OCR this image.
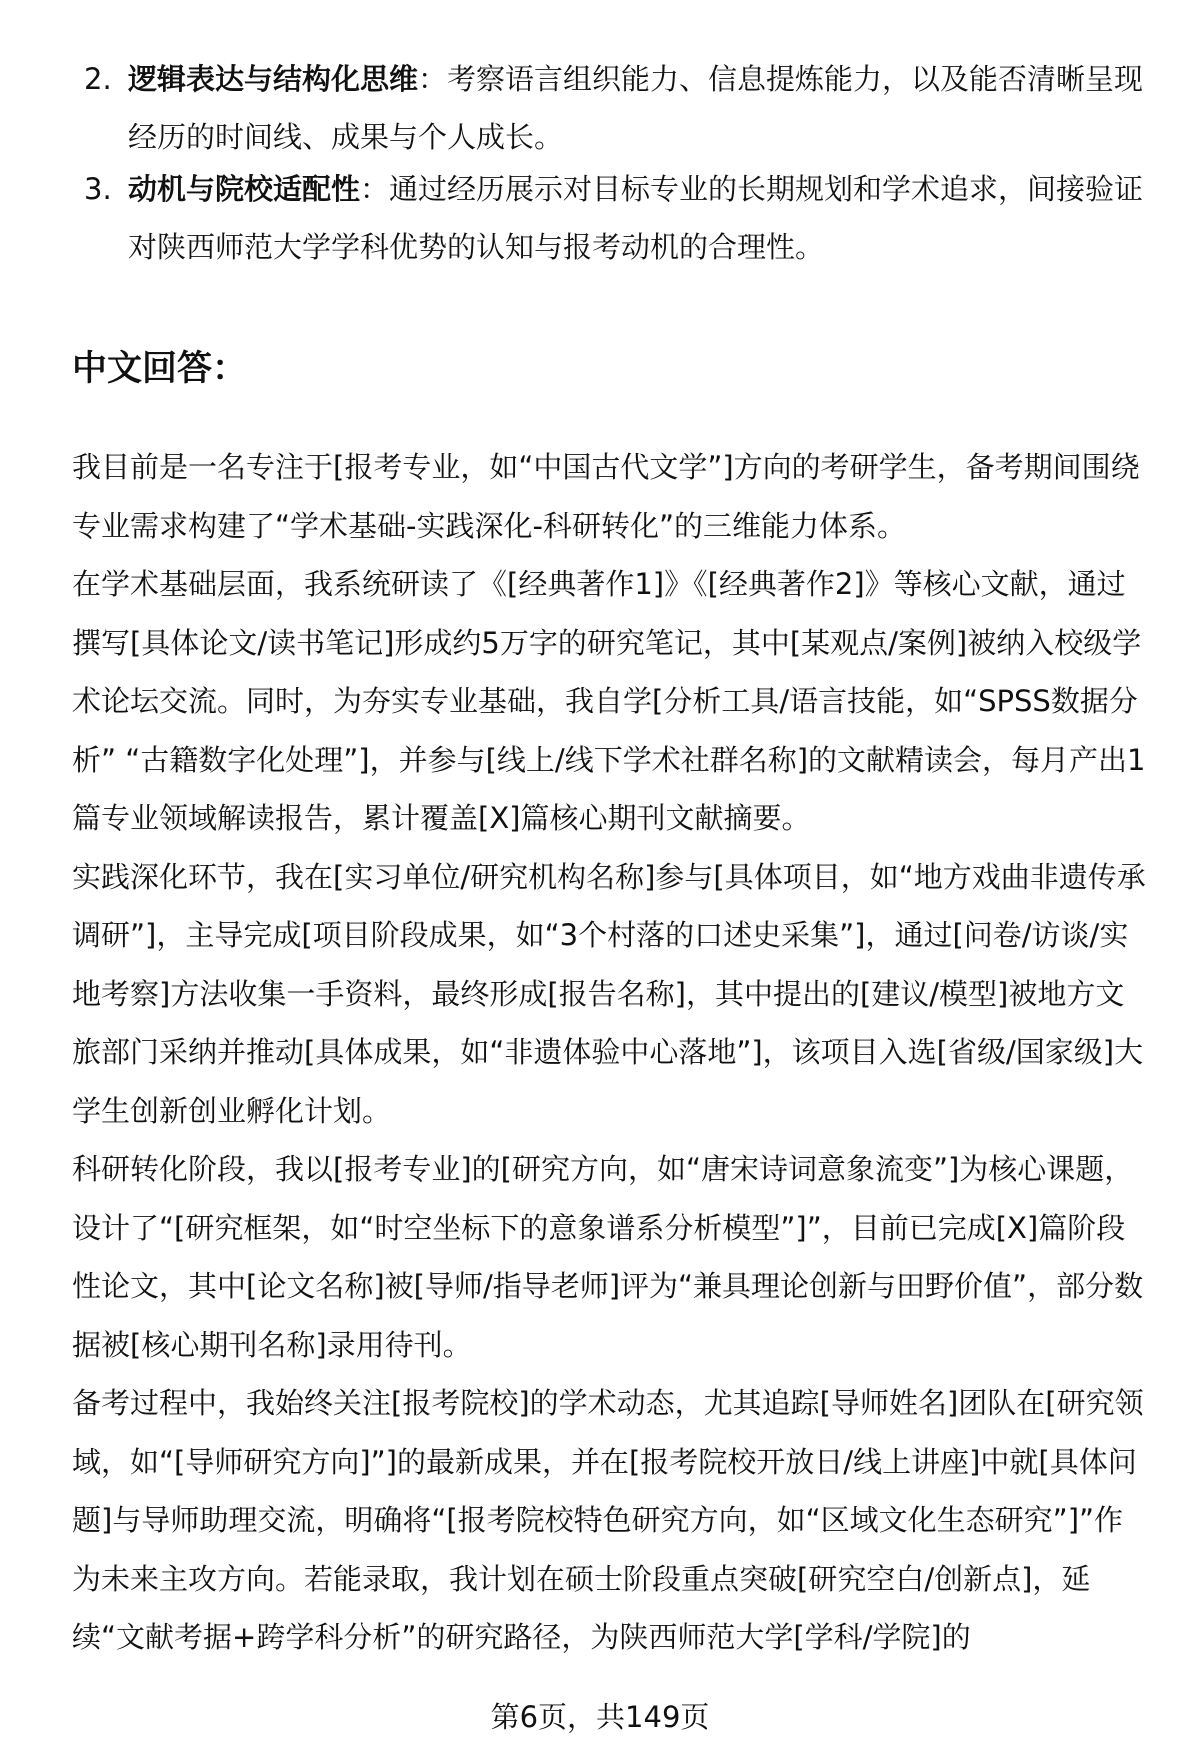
2. 逻辑表达与结构化思维：考察语言组织能力、信息提炼能力，以及能否清晰呈现经历的时间线、成果与个人成长。
3. 动机与院校适配性：通过经历展示对目标专业的长期规划和学术追求，间接验证对陕西师范大学学科优势的认知与报考动机的合理性。
中文回答：

我目前是一名专注于[报考专业，如“中国古代文学”]方向的考研学生，备考期间围绕专业需求构建了“学术基础-实践深化-科研转化”的三维能力体系。

在学术基础层面，我系统研读了《[经典著作1]》《[经典著作2]》等核心文献，通过撰写[具体论文/读书笔记]形成约5万字的研究笔记，其中[某观点/案例]被纳入校级学术论坛交流。同时，为夯实专业基础，我自学[分析工具/语言技能，如“SPSS数据分析” “古籍数字化处理”]，并参与[线上/线下学术社群名称]的文献精读会，每月产出1篇专业领域解读报告，累计覆盖[X]篇核心期刊文献摘要。

实践深化环节，我在[实习单位/研究机构名称]参与[具体项目，如“地方戏曲非遗传承调研”]，主导完成[项目阶段成果，如“3个村落的口述史采集”]，通过[问卷/访谈/实地考察]方法收集一手资料，最终形成[报告名称]，其中提出的[建议/模型]被地方文旅部门采纳并推动[具体成果，如“非遗体验中心落地”]，该项目入选[省级/国家级]大学生创新创业孵化计划。

科研转化阶段，我以[报考专业]的[研究方向，如“唐宋诗词意象流变”]为核心课题，设计了“[研究框架，如“时空坐标下的意象谱系分析模型”]”，目前已完成[X]篇阶段性论文，其中[论文名称]被[导师/指导老师]评为“兼具理论创新与田野价值”，部分数据被[核心期刊名称]录用待刊。

备考过程中，我始终关注[报考院校]的学术动态，尤其追踪[导师姓名]团队在[研究领域，如“[导师研究方向]”]的最新成果，并在[报考院校开放日/线上讲座]中就[具体问题]与导师助理交流，明确将“[报考院校特色研究方向，如“区域文化生态研究”]”作为未来主攻方向。若能录取，我计划在硕士阶段重点突破[研究空白/创新点]，延续“文献考据+跨学科分析”的研究路径，为陕西师范大学[学科/学院]的

第6页，共149页
